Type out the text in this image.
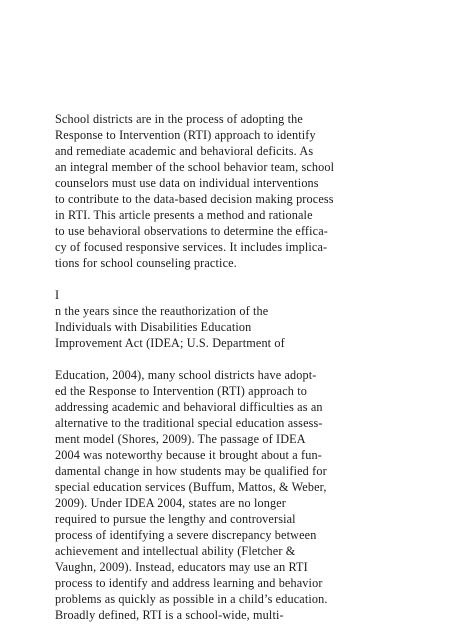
School districts are in the process of adopting the
Response to Intervention (RTI) approach to identify
and remediate academic and behavioral deficits. As
an integral member of the school behavior team, school
counselors must use data on individual interventions
to contribute to the data-based decision making process
in RTI. This article presents a method and rationale
to use behavioral observations to determine the effica-
cy of focused responsive services. It includes implica-
tions for school counseling practice.
I
n the years since the reauthorization of the
Individuals with Disabilities Education
Improvement Act (IDEA; U.S. Department of
Education, 2004), many school districts have adopt-
ed the Response to Intervention (RTI) approach to
addressing academic and behavioral difficulties as an
alternative to the traditional special education assess-
ment model (Shores, 2009). The passage of IDEA
2004 was noteworthy because it brought about a fun-
damental change in how students may be qualified for
special education services (Buffum, Mattos, & Weber,
2009). Under IDEA 2004, states are no longer
required to pursue the lengthy and controversial
process of identifying a severe discrepancy between
achievement and intellectual ability (Fletcher &
Vaughn, 2009). Instead, educators may use an RTI
process to identify and address learning and behavior
problems as quickly as possible in a child’s education.
Broadly defined, RTI is a school-wide, multi-
